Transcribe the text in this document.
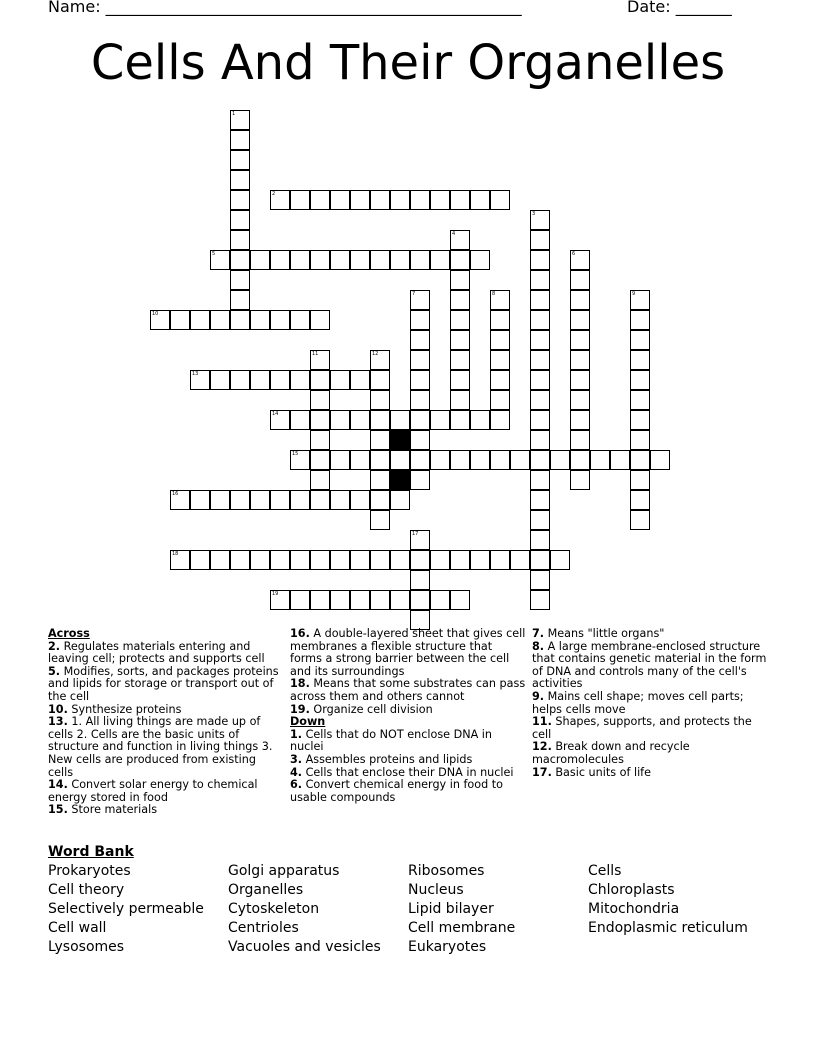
Name: ____________________________________________________	Date: _______
Cells And Their Organelles
1
2
3
4
5	6
7	8	9
10
11	12
13
14
15
16
17
18
19
Across
2. Regulates materials entering and leaving cell; protects and supports cell
5. Modifies, sorts, and packages proteins and lipids for storage or transport out of the cell
10. Synthesize proteins
13. 1. All living things are made up of cells 2. Cells are the basic units of structure and function in living things 3. New cells are produced from existing cells
14. Convert solar energy to chemical energy stored in food
15. Store materials
16. A double-layered sheet that gives cell membranes a flexible structure that forms a strong barrier between the cell and its surroundings
18. Means that some substrates can pass across them and others cannot
19. Organize cell division
Down
1. Cells that do NOT enclose DNA in nuclei
3. Assembles proteins and lipids
4. Cells that enclose their DNA in nuclei
6. Convert chemical energy in food to usable compounds
7. Means "little organs"
8. A large membrane-enclosed structure that contains genetic material in the form of DNA and controls many of the cell's activities
9. Mains cell shape; moves cell parts; helps cells move
11. Shapes, supports, and protects the cell
12. Break down and recycle macromolecules
17. Basic units of life
Word Bank
Prokaryotes
Cell theory
Selectively permeable
Cell wall
Lysosomes
Golgi apparatus
Organelles
Cytoskeleton
Centrioles
Vacuoles and vesicles
Ribosomes
Nucleus
Lipid bilayer
Cell membrane
Eukaryotes
Cells
Chloroplasts
Mitochondria
Endoplasmic reticulum
